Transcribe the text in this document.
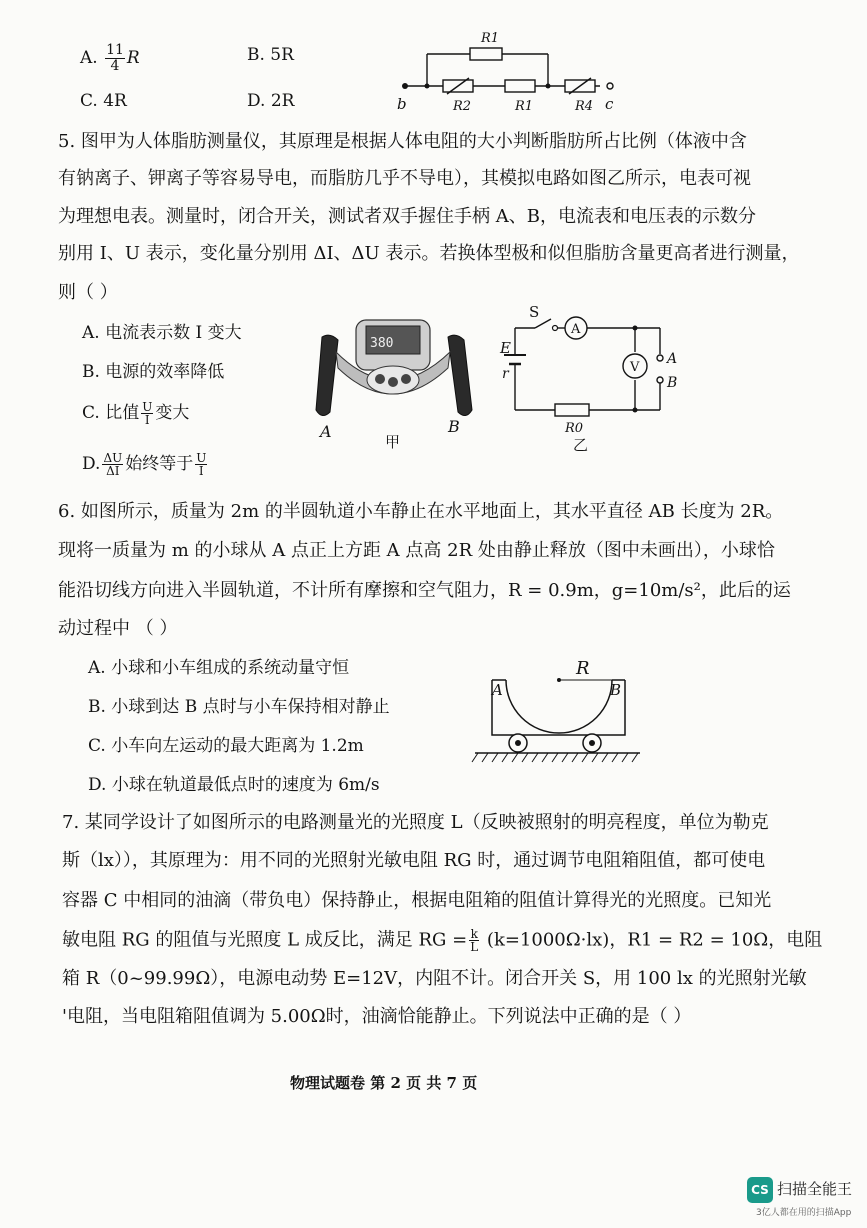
A. $\frac{11}{4}$ R	B. 5R
C. 4R	D. 2R
R1
R2	R1	R4
b	c
5. 图甲为人体脂肪测量仪，其原理是根据人体电阻的大小判断脂肪所占比例（体液中含
有钠离子、钾离子等容易导电，而脂肪几乎不导电），其模拟电路如图乙所示，电表可视
为理想电表。测量时，闭合开关，测试者双手握住手柄 A、B，电流表和电压表的示数分
别用 I、U 表示，变化量分别用 ΔI、ΔU 表示。若换体型极和似但脂肪含量更高者进行测量，
则（ ）
A. 电流表示数 I 变大
B. 电源的效率降低
C. 比值 $\frac{U}{I}$ 变大
D. $\frac{\Delta U}{\Delta I}$ 始终等于 $\frac{U}{I}$
380
A	B
甲
S
A
V
E
r
A
B
R0
乙
6. 如图所示，质量为 2m 的半圆轨道小车静止在水平地面上，其水平直径 AB 长度为 2R。
现将一质量为 m 的小球从 A 点正上方距 A 点高 2R 处由静止释放（图中未画出），小球恰
能沿切线方向进入半圆轨道，不计所有摩擦和空气阻力，R = 0.9m，g=10m/s²，此后的运
动过程中 （ ）
A. 小球和小车组成的系统动量守恒
B. 小球到达 B 点时与小车保持相对静止
C. 小车向左运动的最大距离为 1.2m
D. 小球在轨道最低点时的速度为 6m/s
R
A	B
7. 某同学设计了如图所示的电路测量光的光照度 L（反映被照射的明亮程度，单位为勒克
斯（lx）），其原理为：用不同的光照射光敏电阻 RG 时，通过调节电阻箱阻值，都可使电
容器 C 中相同的油滴（带负电）保持静止，根据电阻箱的阻值计算得光的光照度。已知光
敏电阻 RG 的阻值与光照度 L 成反比，满足 RG = $\frac{k}{L} (k=1000\Omega\cdot lx)$，R1 = R2 = 10Ω，电阻
箱 R（0~99.99Ω），电源电动势 E=12V，内阻不计。闭合开关 S，用 100 lx 的光照射光敏
'电阻，当电阻箱阻值调为 5.00Ω时，油滴恰能静止。下列说法中正确的是（ ）
物理试题卷 第 2 页 共 7 页
CS 扫描全能王
3亿人都在用的扫描App
